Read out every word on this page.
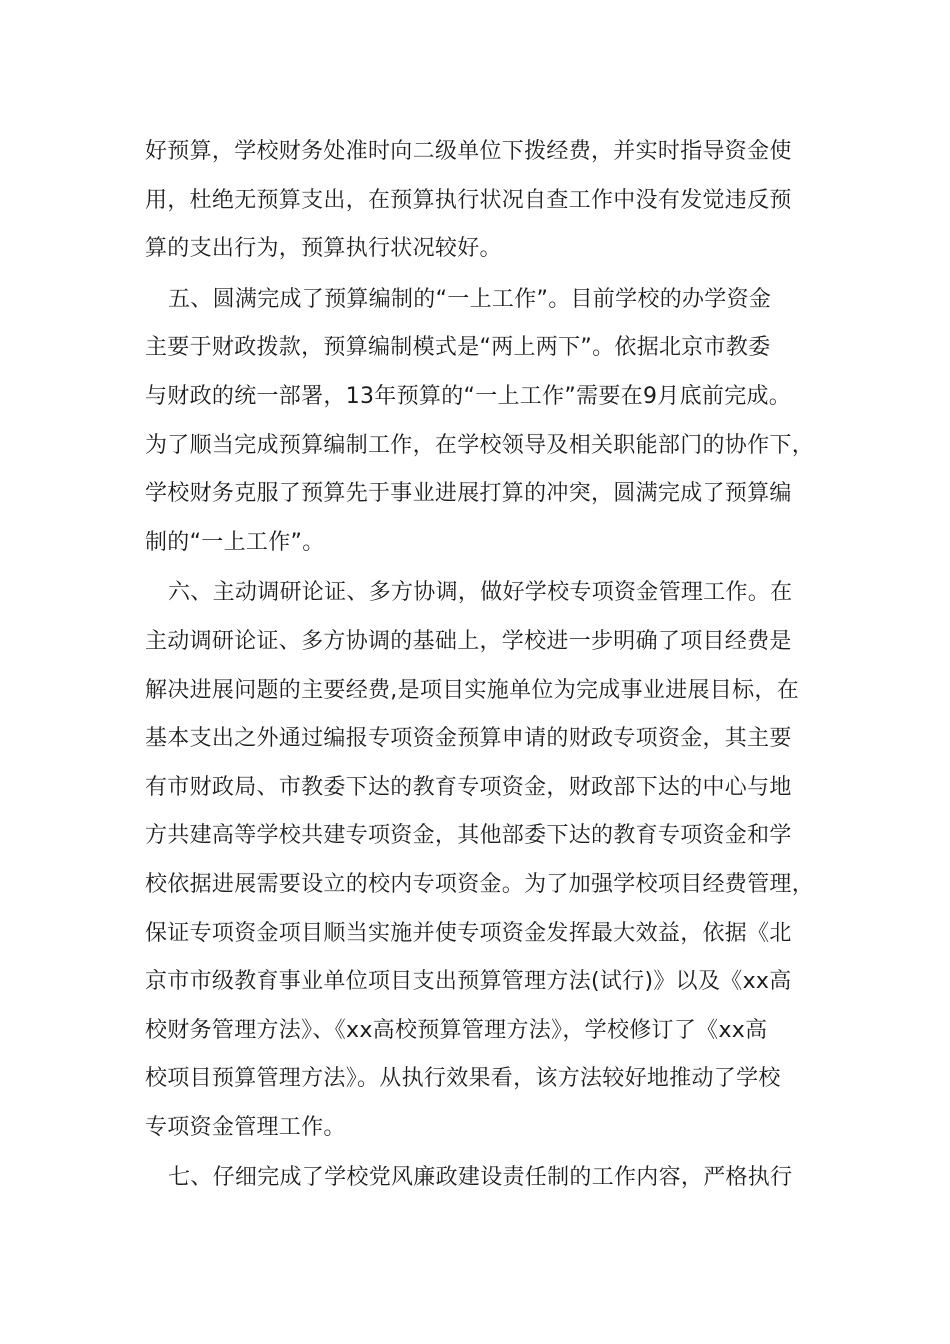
好预算，学校财务处准时向二级单位下拨经费，并实时指导资金使
用，杜绝无预算支出，在预算执行状况自查工作中没有发觉违反预
算的支出行为，预算执行状况较好。
五、圆满完成了预算编制的“一上工作”。目前学校的办学资金
主要于财政拨款，预算编制模式是“两上两下”。依据北京市教委
与财政的统一部署，13年预算的“一上工作”需要在9月底前完成。
为了顺当完成预算编制工作，在学校领导及相关职能部门的协作下，
学校财务克服了预算先于事业进展打算的冲突，圆满完成了预算编
制的“一上工作”。
六、主动调研论证、多方协调，做好学校专项资金管理工作。在
主动调研论证、多方协调的基础上，学校进一步明确了项目经费是
解决进展问题的主要经费,是项目实施单位为完成事业进展目标，在
基本支出之外通过编报专项资金预算申请的财政专项资金，其主要
有市财政局、市教委下达的教育专项资金，财政部下达的中心与地
方共建高等学校共建专项资金，其他部委下达的教育专项资金和学
校依据进展需要设立的校内专项资金。为了加强学校项目经费管理，
保证专项资金项目顺当实施并使专项资金发挥最大效益，依据《北
京市市级教育事业单位项目支出预算管理方法(试行)》以及《xx高
校财务管理方法》、《xx高校预算管理方法》，学校修订了《xx高
校项目预算管理方法》。从执行效果看，该方法较好地推动了学校
专项资金管理工作。
七、仔细完成了学校党风廉政建设责任制的工作内容，严格执行
